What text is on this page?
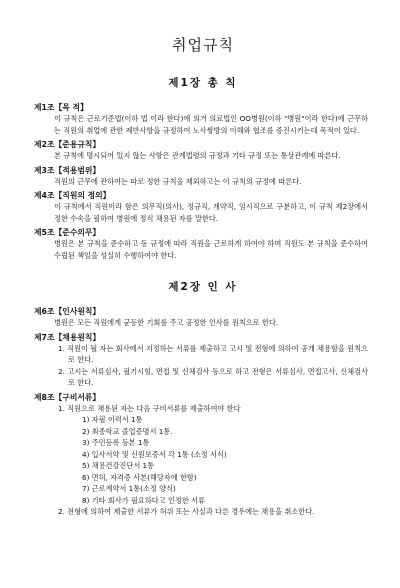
취업규칙
제1장 총 칙
제1조【목 적】
이 규칙은 근로기준법(이하 법 이라 한다)에 의거 의료법인 OO병원(이하 "병원"이라 한다)에 근무하는 직원의 취업에 관한 제반사항을 규정하여 노사쌍방의 이해와 협조를 증진시키는데 목적이 있다.
제2조【준용규칙】
본 규칙에 명시되어 있지 않는 사항은 관계법령의 규정과 기타 규정 또는 통상관례에 따른다.
제3조【적용범위】
직원의 근무에 관하여는 따로 정한 규칙을 제외하고는 이 규칙의 규정에 따른다.
제4조【직원의 정의】
이 규칙에서 직원이라 함은 의무직(의사), 정규직, 계약직, 임시직으로 구분하고, 이 규칙 제2장에서 정한 수속을 필하여 병원에 정식 채용된 자를 말한다.
제5조【준수의무】
병원은 본 규칙을 준수하고 동 규정에 따라 직원을 근로하게 하여야 하며 직원도 본 규칙을 준수하여 수립된 책임을 성실히 수행하여야 한다.
제2장 인 사
제6조【인사원칙】
병원은 모든 직원에게 균등한 기회를 주고 공정한 인사를 원칙으로 한다.
제7조【채용원칙】
1. 직원이 될 자는 회사에서 지정하는 서류를 제출하고 고시 및 전형에 의하여 공개 채용함을 원칙으로 한다.
2. 고시는 서류심사, 필기시험, 면접 및 신체검사 등으로 하고 전형은 서류심사, 면접고사, 신체검사로 한다.
제8조【구비서류】
1. 직원으로 채용된 자는 다음 구비서류를 제출하여야 한다
1) 자필 이력서 1통
2) 최종학교 졸업증명서 1통.
3) 주민등록 등본 1통
4) 입사서약 및 신원보증서 각 1통 (소정 서식)
5) 채용건강진단서 1통
6) 면허, 자격증 사본(해당자에 한함)
7) 근로계약서 1통(소정 양식)
8) 기타 회사가 필요하다고 인정한 서류
2. 전형에 의하여 제출한 서류가 허위 또는 사실과 다른 경우에는 채용을 취소한다.
